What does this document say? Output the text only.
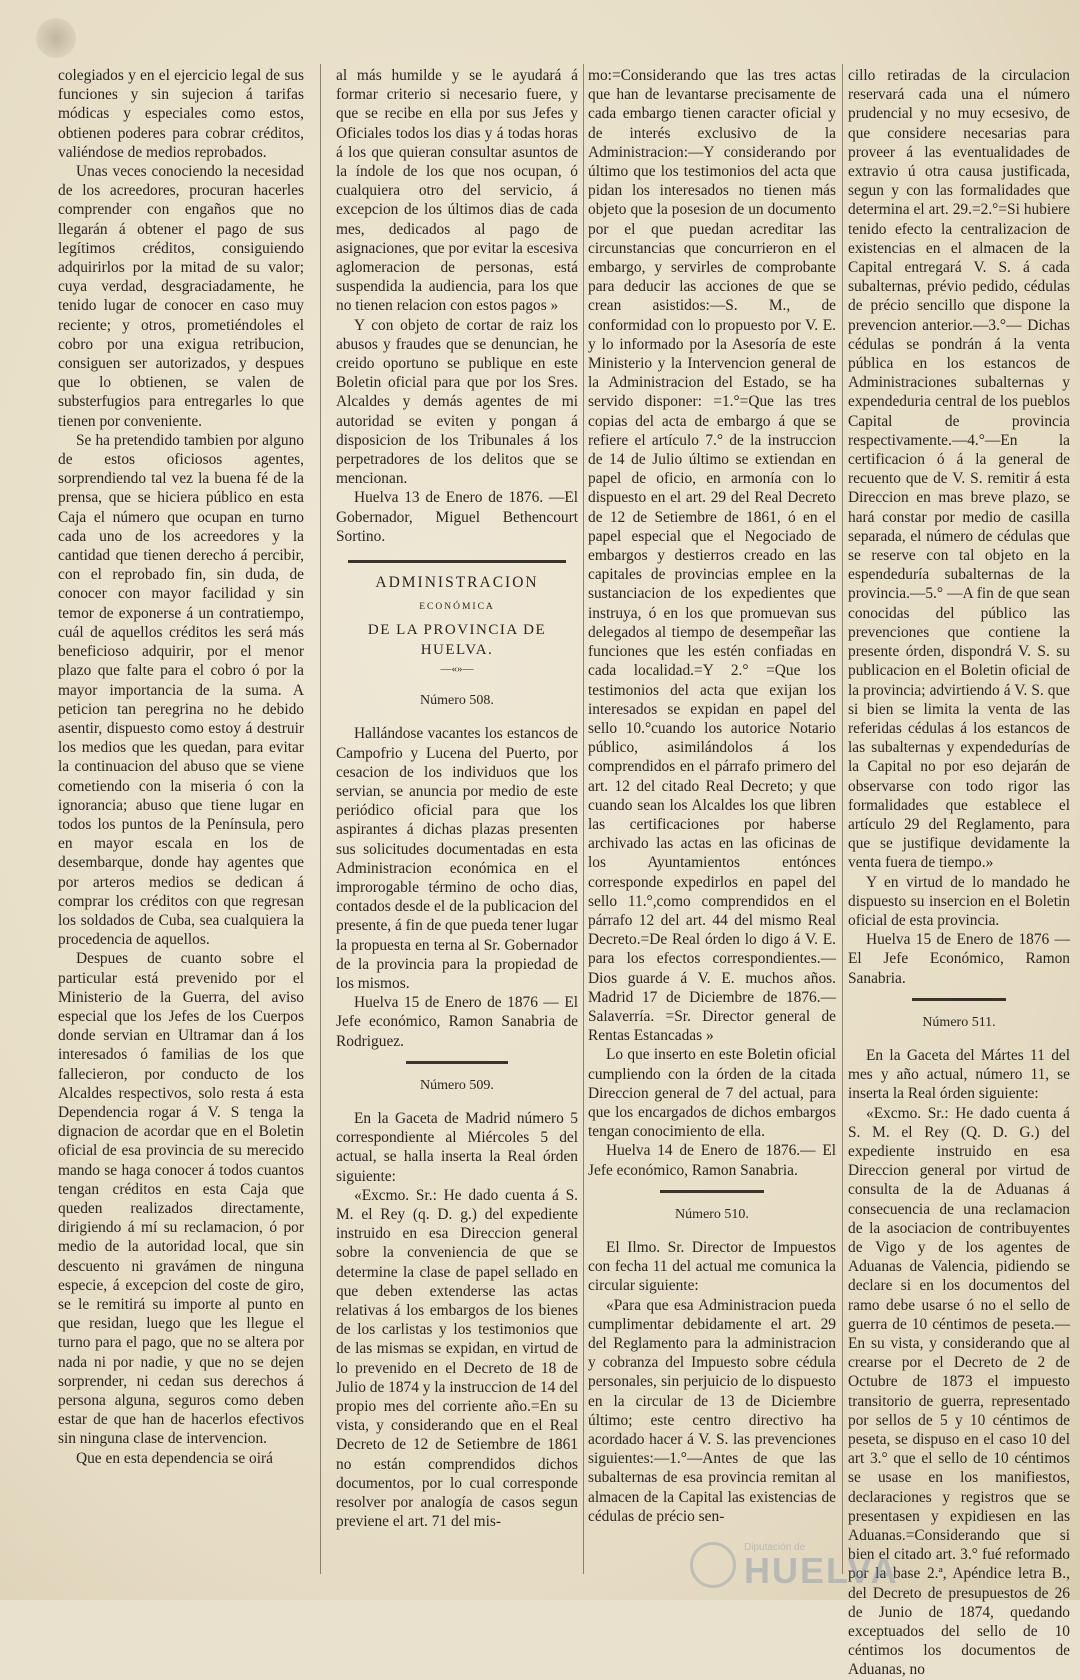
colegiados y en el ejercicio legal de sus funciones y sin sujecion á tarifas módicas y especiales como estos, obtienen poderes para cobrar créditos, valiéndose de medios reprobados.

Unas veces conociendo la necesidad de los acreedores, procuran hacerles comprender con engaños que no llegarán á obtener el pago de sus legítimos créditos, consiguiendo adquirirlos por la mitad de su valor; cuya verdad, desgraciadamente, he tenido lugar de conocer en caso muy reciente; y otros, prometiéndoles el cobro por una exigua retribucion, consiguen ser autorizados, y despues que lo obtienen, se valen de substerfugios para entregarles lo que tienen por conveniente.

Se ha pretendido tambien por alguno de estos oficiosos agentes, sorprendiendo tal vez la buena fé de la prensa, que se hiciera público en esta Caja el número que ocupan en turno cada uno de los acreedores y la cantidad que tienen derecho á percibir, con el reprobado fin, sin duda, de conocer con mayor facilidad y sin temor de exponerse á un contratiempo, cuál de aquellos créditos les será más beneficioso adquirir, por el menor plazo que falte para el cobro ó por la mayor importancia de la suma. A peticion tan peregrina no he debido asentir, dispuesto como estoy á destruir los medios que les quedan, para evitar la continuacion del abuso que se viene cometiendo con la miseria ó con la ignorancia; abuso que tiene lugar en todos los puntos de la Península, pero en mayor escala en los de desembarque, donde hay agentes que por arteros medios se dedican á comprar los créditos con que regresan los soldados de Cuba, sea cualquiera la procedencia de aquellos.

Despues de cuanto sobre el particular está prevenido por el Ministerio de la Guerra, del aviso especial que los Jefes de los Cuerpos donde servian en Ultramar dan á los interesados ó familias de los que fallecieron, por conducto de los Alcaldes respectivos, solo resta á esta Dependencia rogar á V. S tenga la dignacion de acordar que en el Boletin oficial de esa provincia de su merecido mando se haga conocer á todos cuantos tengan créditos en esta Caja que queden realizados directamente, dirigiendo á mí su reclamacion, ó por medio de la autoridad local, que sin descuento ni gravámen de ninguna especie, á excepcion del coste de giro, se le remitirá su importe al punto en que residan, luego que les llegue el turno para el pago, que no se altera por nada ni por nadie, y que no se dejen sorprender, ni cedan sus derechos á persona alguna, seguros como deben estar de que han de hacerlos efectivos sin ninguna clase de intervencion.

Que en esta dependencia se oirá

al más humilde y se le ayudará á formar criterio si necesario fuere, y que se recibe en ella por sus Jefes y Oficiales todos los dias y á todas horas á los que quieran consultar asuntos de la índole de los que nos ocupan, ó cualquiera otro del servicio, á excepcion de los últimos dias de cada mes, dedicados al pago de asignaciones, que por evitar la escesiva aglomeracion de personas, está suspendida la audiencia, para los que no tienen relacion con estos pagos »

Y con objeto de cortar de raiz los abusos y fraudes que se denuncian, he creido oportuno se publique en este Boletin oficial para que por los Sres. Alcaldes y demás agentes de mi autoridad se eviten y pongan á disposicion de los Tribunales á los perpetradores de los delitos que se mencionan.

Huelva 13 de Enero de 1876. —El Gobernador, Miguel Bethencourt Sortino.

ADMINISTRACION

ECONÓMICA

DE LA PROVINCIA DE HUELVA.

—«»—

Número 508.

Hallándose vacantes los estancos de Campofrio y Lucena del Puerto, por cesacion de los individuos que los servian, se anuncia por medio de este periódico oficial para que los aspirantes á dichas plazas presenten sus solicitudes documentadas en esta Administracion económica en el improrogable término de ocho dias, contados desde el de la publicacion del presente, á fin de que pueda tener lugar la propuesta en terna al Sr. Gobernador de la provincia para la propiedad de los mismos.

Huelva 15 de Enero de 1876 — El Jefe económico, Ramon Sanabria de Rodriguez.

Número 509.

En la Gaceta de Madrid número 5 correspondiente al Miércoles 5 del actual, se halla inserta la Real órden siguiente:

«Excmo. Sr.: He dado cuenta á S. M. el Rey (q. D. g.) del expediente instruido en esa Direccion general sobre la conveniencia de que se determine la clase de papel sellado en que deben extenderse las actas relativas á los embargos de los bienes de los carlistas y los testimonios que de las mismas se expidan, en virtud de lo prevenido en el Decreto de 18 de Julio de 1874 y la instruccion de 14 del propio mes del corriente año.=En su vista, y considerando que en el Real Decreto de 12 de Setiembre de 1861 no están comprendidos dichos documentos, por lo cual corresponde resolver por analogía de casos segun previene el art. 71 del mis-

mo:=Considerando que las tres actas que han de levantarse precisamente de cada embargo tienen caracter oficial y de interés exclusivo de la Administracion:—Y considerando por último que los testimonios del acta que pidan los interesados no tienen más objeto que la posesion de un documento por el que puedan acreditar las circunstancias que concurrieron en el embargo, y servirles de comprobante para deducir las acciones de que se crean asistidos:—S. M., de conformidad con lo propuesto por V. E. y lo informado por la Asesoría de este Ministerio y la Intervencion general de la Administracion del Estado, se ha servido disponer: =1.°=Que las tres copias del acta de embargo á que se refiere el artículo 7.° de la instruccion de 14 de Julio último se extiendan en papel de oficio, en armonía con lo dispuesto en el art. 29 del Real Decreto de 12 de Setiembre de 1861, ó en el papel especial que el Negociado de embargos y destierros creado en las capitales de provincias emplee en la sustanciacion de los expedientes que instruya, ó en los que promuevan sus delegados al tiempo de desempeñar las funciones que les estén confiadas en cada localidad.=Y 2.° =Que los testimonios del acta que exijan los interesados se expidan en papel del sello 10.°cuando los autorice Notario público, asimilándolos á los comprendidos en el párrafo primero del art. 12 del citado Real Decreto; y que cuando sean los Alcaldes los que libren las certificaciones por haberse archivado las actas en las oficinas de los Ayuntamientos entónces corresponde expedirlos en papel del sello 11.°,como comprendidos en el párrafo 12 del art. 44 del mismo Real Decreto.=De Real órden lo digo á V. E. para los efectos correspondientes.—Dios guarde á V. E. muchos años. Madrid 17 de Diciembre de 1876.—Salaverría. =Sr. Director general de Rentas Estancadas »

Lo que inserto en este Boletin oficial cumpliendo con la órden de la citada Direccion general de 7 del actual, para que los encargados de dichos embargos tengan conocimiento de ella.

Huelva 14 de Enero de 1876.— El Jefe económico, Ramon Sanabria.

Número 510.

El Ilmo. Sr. Director de Impuestos con fecha 11 del actual me comunica la circular siguiente:

«Para que esa Administracion pueda cumplimentar debidamente el art. 29 del Reglamento para la administracion y cobranza del Impuesto sobre cédula personales, sin perjuicio de lo dispuesto en la circular de 13 de Diciembre último; este centro directivo ha acordado hacer á V. S. las prevenciones siguientes:—1.°—Antes de que las subalternas de esa provincia remitan al almacen de la Capital las existencias de cédulas de précio sen-

cillo retiradas de la circulacion reservará cada una el número prudencial y no muy ecsesivo, de que considere necesarias para proveer á las eventualidades de extravio ú otra causa justificada, segun y con las formalidades que determina el art. 29.=2.°=Si hubiere tenido efecto la centralizacion de existencias en el almacen de la Capital entregará V. S. á cada subalternas, prévio pedido, cédulas de précio sencillo que dispone la prevencion anterior.—3.°— Dichas cédulas se pondrán á la venta pública en los estancos de Administraciones subalternas y expendeduria central de los pueblos Capital de provincia respectivamente.—4.°—En la certificacion ó á la general de recuento que de V. S. remitir á esta Direccion en mas breve plazo, se hará constar por medio de casilla separada, el número de cédulas que se reserve con tal objeto en la espendeduría subalternas de la provincia.—5.° —A fin de que sean conocidas del público las prevenciones que contiene la presente órden, dispondrá V. S. su publicacion en el Boletin oficial de la provincia; advirtiendo á V. S. que si bien se limita la venta de las referidas cédulas á los estancos de las subalternas y expendedurías de la Capital no por eso dejarán de observarse con todo rigor las formalidades que establece el artículo 29 del Reglamento, para que se justifique devidamente la venta fuera de tiempo.»

Y en virtud de lo mandado he dispuesto su insercion en el Boletin oficial de esta provincia.

Huelva 15 de Enero de 1876 — El Jefe Económico, Ramon Sanabria.

Número 511.

En la Gaceta del Mártes 11 del mes y año actual, número 11, se inserta la Real órden siguiente:

«Excmo. Sr.: He dado cuenta á S. M. el Rey (Q. D. G.) del expediente instruido en esa Direccion general por virtud de consulta de la de Aduanas á consecuencia de una reclamacion de la asociacion de contribuyentes de Vigo y de los agentes de Aduanas de Valencia, pidiendo se declare si en los documentos del ramo debe usarse ó no el sello de guerra de 10 céntimos de peseta.—En su vista, y considerando que al crearse por el Decreto de 2 de Octubre de 1873 el impuesto transitorio de guerra, representado por sellos de 5 y 10 céntimos de peseta, se dispuso en el caso 10 del art 3.° que el sello de 10 céntimos se usase en los manifiestos, declaraciones y registros que se presentasen y expidiesen en las Aduanas.=Considerando que si bien el citado art. 3.° fué reformado por la base 2.ª, Apéndice letra B., del Decreto de presupuestos de 26 de Junio de 1874, quedando exceptuados del sello de 10 céntimos los documentos de Aduanas, no

Diputación de
HUELVA
